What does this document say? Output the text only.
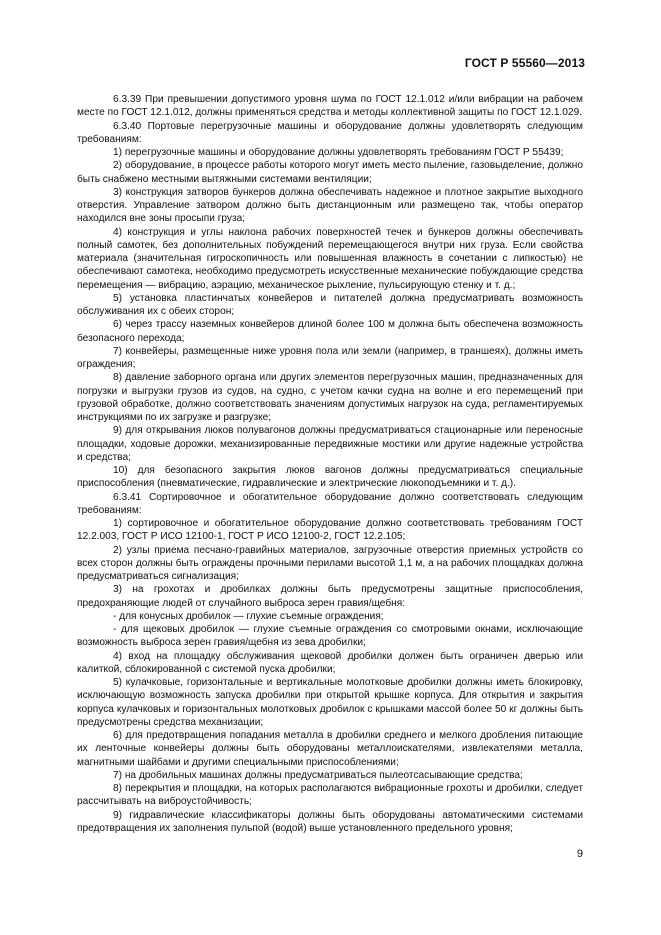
ГОСТ Р 55560—2013

6.3.39 При превышении допустимого уровня шума по ГОСТ 12.1.012 и/или вибрации на рабочем месте по ГОСТ 12.1.012, должны применяться средства и методы коллективной защиты по ГОСТ 12.1.029.

6.3.40 Портовые перегрузочные машины и оборудование должны удовлетворять следующим требованиям:

1) перегрузочные машины и оборудование должны удовлетворять требованиям ГОСТ Р 55439;

2) оборудование, в процессе работы которого могут иметь место пыление, газовыделение, должно быть снабжено местными вытяжными системами вентиляции;

3) конструкция затворов бункеров должна обеспечивать надежное и плотное закрытие выходного отверстия. Управление затвором должно быть дистанционным или размещено так, чтобы оператор находился вне зоны просыпи груза;

4) конструкция и углы наклона рабочих поверхностей течек и бункеров должны обеспечивать полный самотек, без дополнительных побуждений перемещающегося внутри них груза. Если свойства материала (значительная гигроскопичность или повышенная влажность в сочетании с липкостью) не обеспечивают самотека, необходимо предусмотреть искусственные механические побуждающие средства перемещения — вибрацию, аэрацию, механическое рыхление, пульсирующую стенку и т. д.;

5) установка пластинчатых конвейеров и питателей должна предусматривать возможность обслуживания их с обеих сторон;

6) через трассу наземных конвейеров длиной более 100 м должна быть обеспечена возможность безопасного перехода;

7) конвейеры, размещенные ниже уровня пола или земли (например, в траншеях), должны иметь ограждения;

8) давление заборного органа или других элементов перегрузочных машин, предназначенных для погрузки и выгрузки грузов из судов, на судно, с учетом качки судна на волне и его перемещений при грузовой обработке, должно соответствовать значениям допустимых нагрузок на суда, регламентируемых инструкциями по их загрузке и разгрузке;

9) для открывания люков полувагонов должны предусматриваться стационарные или переносные площадки, ходовые дорожки, механизированные передвижные мостики или другие надежные устройства и средства;

10) для безопасного закрытия люков вагонов должны предусматриваться специальные приспособления (пневматические, гидравлические и электрические люкоподъемники и т. д.).

6.3.41 Сортировочное и обогатительное оборудование должно соответствовать следующим требованиям:

1) сортировочное и обогатительное оборудование должно соответствовать требованиям ГОСТ 12.2.003, ГОСТ Р ИСО 12100-1, ГОСТ Р ИСО 12100-2, ГОСТ 12.2.105;

2) узлы приема песчано-гравийных материалов, загрузочные отверстия приемных устройств со всех сторон должны быть ограждены прочными перилами высотой 1,1 м, а на рабочих площадках должна предусматриваться сигнализация;

3) на грохотах и дробилках должны быть предусмотрены защитные приспособления, предохраняющие людей от случайного выброса зерен гравия/щебня:

- для конусных дробилок — глухие съемные ограждения;

- для щековых дробилок — глухие съемные ограждения со смотровыми окнами, исключающие возможность выброса зерен гравия/щебня из зева дробилки;

4) вход на площадку обслуживания щековой дробилки должен быть ограничен дверью или калиткой, сблокированной с системой пуска дробилки;

5) кулачковые, горизонтальные и вертикальные молотковые дробилки должны иметь блокировку, исключающую возможность запуска дробилки при открытой крышке корпуса. Для открытия и закрытия корпуса кулачковых и горизонтальных молотковых дробилок с крышками массой более 50 кг должны быть предусмотрены средства механизации;

6) для предотвращения попадания металла в дробилки среднего и мелкого дробления питающие их ленточные конвейеры должны быть оборудованы металлоискателями, извлекателями металла, магнитными шайбами и другими специальными приспособлениями;

7) на дробильных машинах должны предусматриваться пылеотсасывающие средства;

8) перекрытия и площадки, на которых располагаются вибрационные грохоты и дробилки, следует рассчитывать на виброустойчивость;

9) гидравлические классификаторы должны быть оборудованы автоматическими системами предотвращения их заполнения пульпой (водой) выше установленного предельного уровня;

9
